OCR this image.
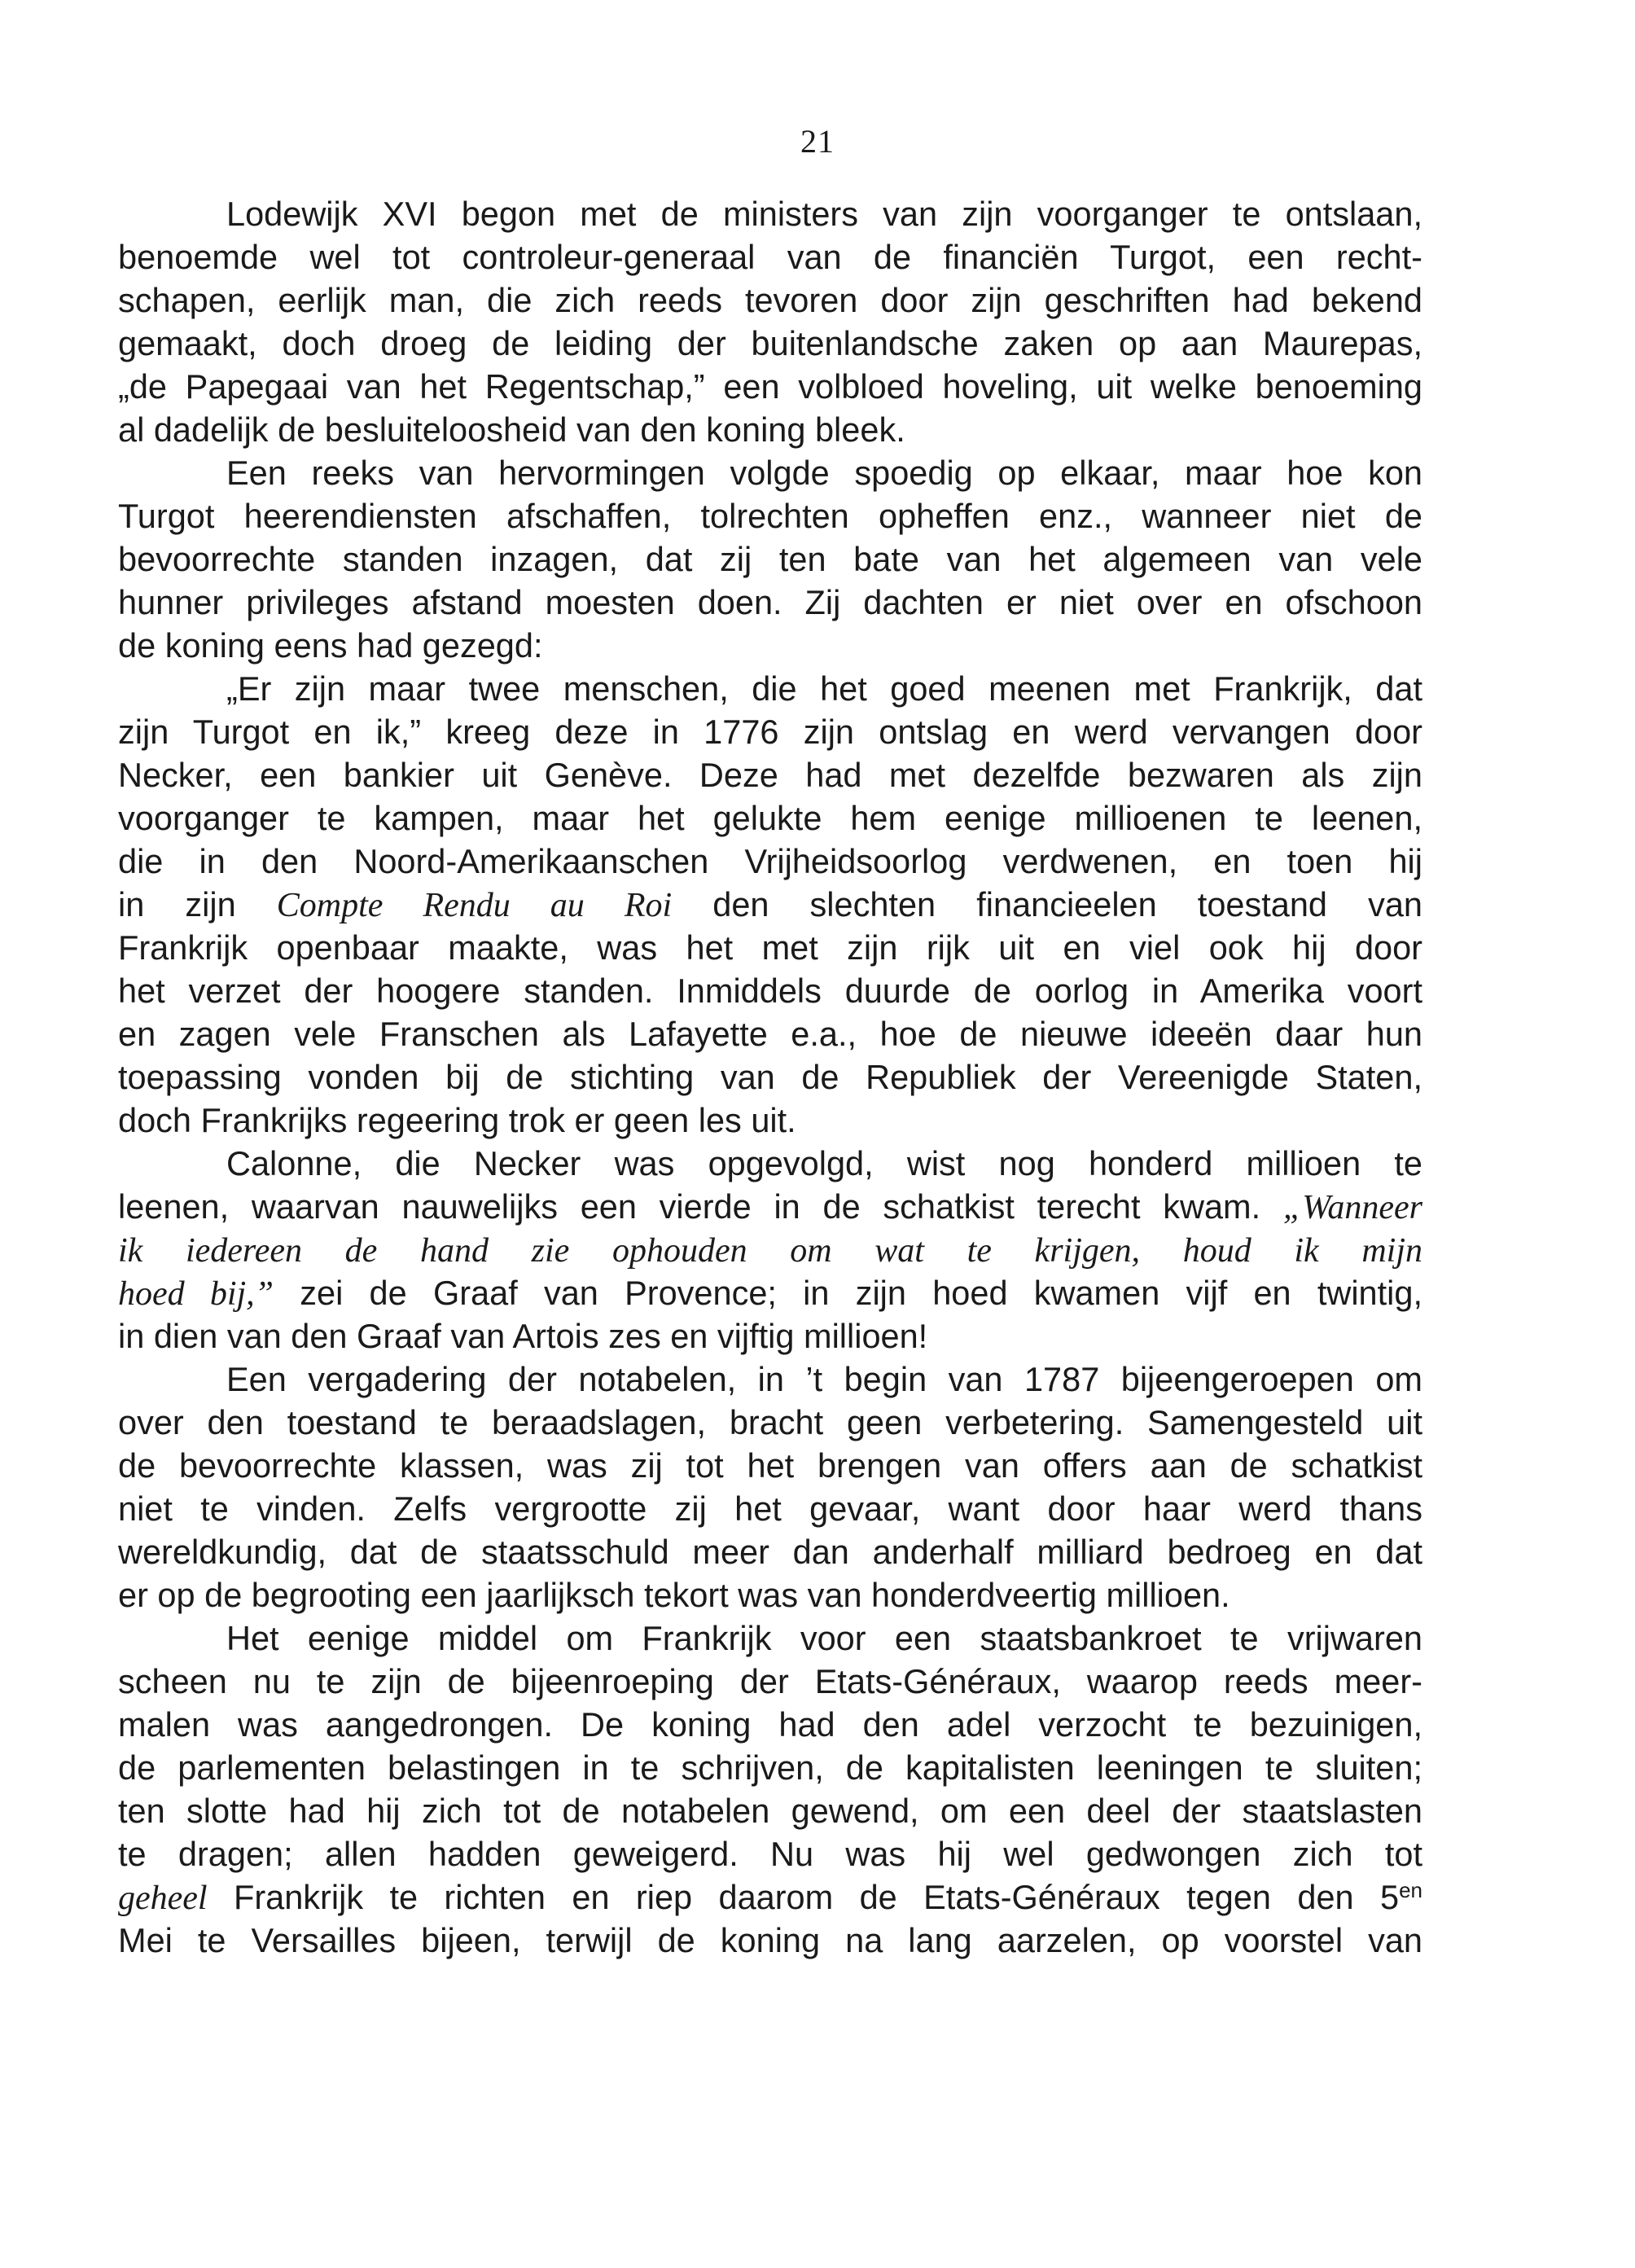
21
Lodewijk XVI begon met de ministers van zijn voorganger te ontslaan,
benoemde wel tot controleur-generaal van de financiën Turgot, een recht-
schapen, eerlijk man, die zich reeds tevoren door zijn geschriften had bekend
gemaakt, doch droeg de leiding der buitenlandsche zaken op aan Maurepas,
„de Papegaai van het Regentschap,” een volbloed hoveling, uit welke benoeming
al dadelijk de besluiteloosheid van den koning bleek.
Een reeks van hervormingen volgde spoedig op elkaar, maar hoe kon
Turgot heerendiensten afschaffen, tolrechten opheffen enz., wanneer niet de
bevoorrechte standen inzagen, dat zij ten bate van het algemeen van vele
hunner privileges afstand moesten doen. Zij dachten er niet over en ofschoon
de koning eens had gezegd:
„Er zijn maar twee menschen, die het goed meenen met Frankrijk, dat
zijn Turgot en ik,” kreeg deze in 1776 zijn ontslag en werd vervangen door
Necker, een bankier uit Genève. Deze had met dezelfde bezwaren als zijn
voorganger te kampen, maar het gelukte hem eenige millioenen te leenen,
die in den Noord-Amerikaanschen Vrijheidsoorlog verdwenen, en toen hij
in zijn Compte Rendu au Roi den slechten financieelen toestand van
Frankrijk openbaar maakte, was het met zijn rijk uit en viel ook hij door
het verzet der hoogere standen. Inmiddels duurde de oorlog in Amerika voort
en zagen vele Franschen als Lafayette e.a., hoe de nieuwe ideeën daar hun
toepassing vonden bij de stichting van de Republiek der Vereenigde Staten,
doch Frankrijks regeering trok er geen les uit.
Calonne, die Necker was opgevolgd, wist nog honderd millioen te
leenen, waarvan nauwelijks een vierde in de schatkist terecht kwam. „Wanneer
ik iedereen de hand zie ophouden om wat te krijgen, houd ik mijn
hoed bij,” zei de Graaf van Provence; in zijn hoed kwamen vijf en twintig,
in dien van den Graaf van Artois zes en vijftig millioen!
Een vergadering der notabelen, in ’t begin van 1787 bijeengeroepen om
over den toestand te beraadslagen, bracht geen verbetering. Samengesteld uit
de bevoorrechte klassen, was zij tot het brengen van offers aan de schatkist
niet te vinden. Zelfs vergrootte zij het gevaar, want door haar werd thans
wereldkundig, dat de staatsschuld meer dan anderhalf milliard bedroeg en dat
er op de begrooting een jaarlijksch tekort was van honderdveertig millioen.
Het eenige middel om Frankrijk voor een staatsbankroet te vrijwaren
scheen nu te zijn de bijeenroeping der Etats-Généraux, waarop reeds meer-
malen was aangedrongen. De koning had den adel verzocht te bezuinigen,
de parlementen belastingen in te schrijven, de kapitalisten leeningen te sluiten;
ten slotte had hij zich tot de notabelen gewend, om een deel der staatslasten
te dragen; allen hadden geweigerd. Nu was hij wel gedwongen zich tot
geheel Frankrijk te richten en riep daarom de Etats-Généraux tegen den $5^{en}$
Mei te Versailles bijeen, terwijl de koning na lang aarzelen, op voorstel van
